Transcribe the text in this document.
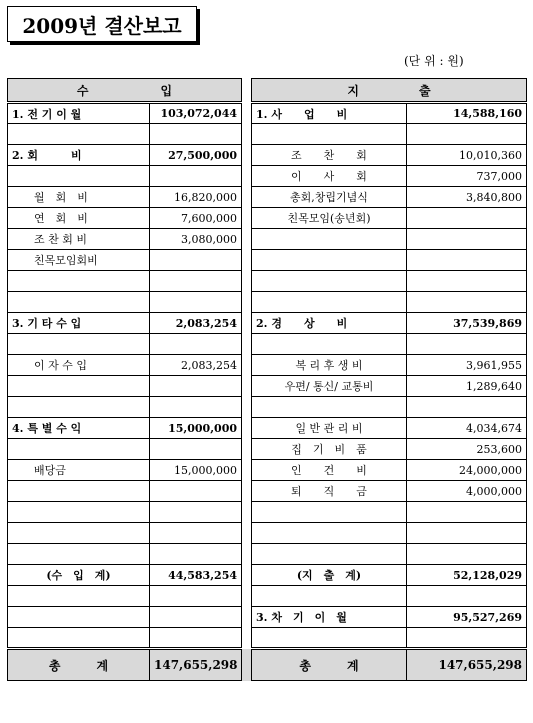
2009년 결산보고
(단 위 : 원)
수　　　　　　입			지　　　　　출	
1. 전 기 이 월	103,072,044		1. 사　　업　　비	14,588,160

2. 회　　　비	27,500,000		조　　찬　　회	10,010,360
			이　　사　　회	737,000
월　회　비	16,820,000		총회,창립기념식	3,840,800
연　회　비	7,600,000		친목모임(송년회)	
조 찬 회 비	3,080,000			
친목모임회비				

3. 기 타 수 입	2,083,254		2. 경　　상　　비	37,539,869

이 자 수 입	2,083,254		복 리 후 생 비	3,961,955
			우편/ 통신/ 교통비	1,289,640

4. 특 별 수 익	15,000,000		일 반 관 리 비	4,034,674
			집　기　비　품	253,600
배당금	15,000,000		인　　건　　비	24,000,000
			퇴　　직　　금	4,000,000

(수　입　계)	44,583,254		(지　출　계)	52,128,029

			3. 차　기　이　월	95,527,269

총　　　계	147,655,298		총　　　계	147,655,298
